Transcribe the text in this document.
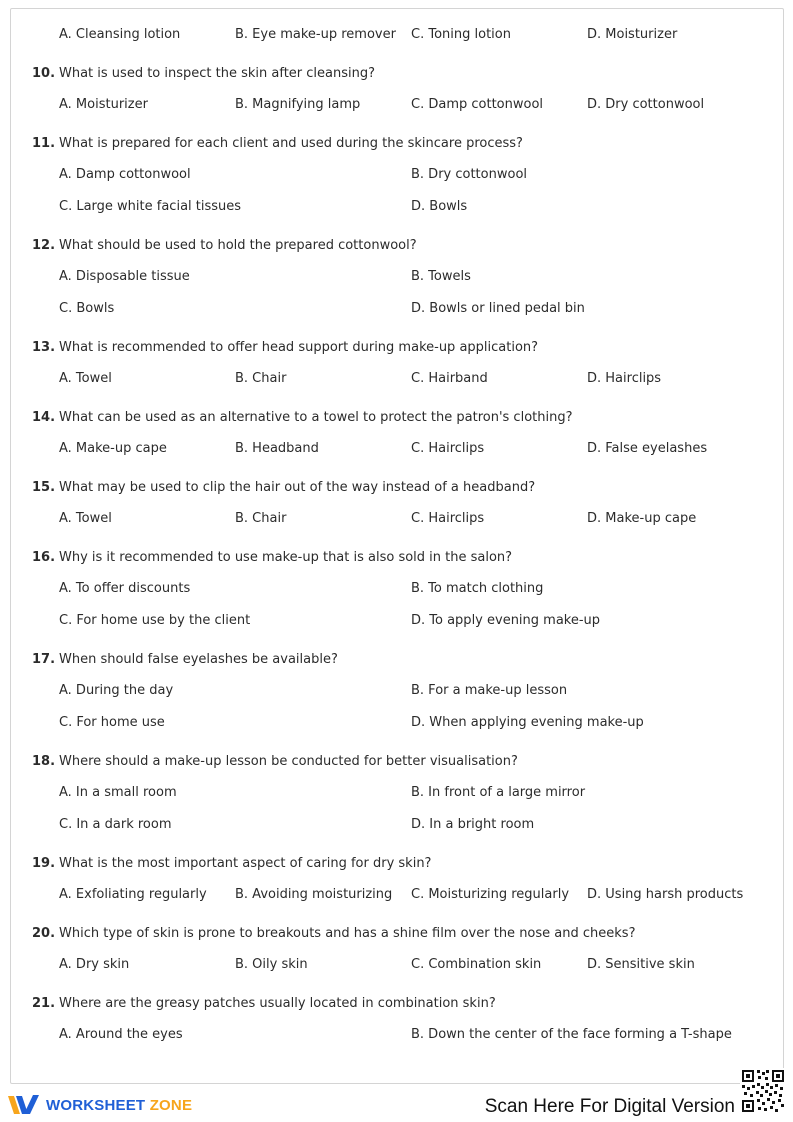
A. Cleansing lotion	B. Eye make-up remover	C. Toning lotion	D. Moisturizer
10. What is used to inspect the skin after cleansing?
A. Moisturizer	B. Magnifying lamp	C. Damp cottonwool	D. Dry cottonwool
11. What is prepared for each client and used during the skincare process?
A. Damp cottonwool	B. Dry cottonwool
C. Large white facial tissues	D. Bowls
12. What should be used to hold the prepared cottonwool?
A. Disposable tissue	B. Towels
C. Bowls	D. Bowls or lined pedal bin
13. What is recommended to offer head support during make-up application?
A. Towel	B. Chair	C. Hairband	D. Hairclips
14. What can be used as an alternative to a towel to protect the patron's clothing?
A. Make-up cape	B. Headband	C. Hairclips	D. False eyelashes
15. What may be used to clip the hair out of the way instead of a headband?
A. Towel	B. Chair	C. Hairclips	D. Make-up cape
16. Why is it recommended to use make-up that is also sold in the salon?
A. To offer discounts	B. To match clothing
C. For home use by the client	D. To apply evening make-up
17. When should false eyelashes be available?
A. During the day	B. For a make-up lesson
C. For home use	D. When applying evening make-up
18. Where should a make-up lesson be conducted for better visualisation?
A. In a small room	B. In front of a large mirror
C. In a dark room	D. In a bright room
19. What is the most important aspect of caring for dry skin?
A. Exfoliating regularly	B. Avoiding moisturizing	C. Moisturizing regularly	D. Using harsh products
20. Which type of skin is prone to breakouts and has a shine film over the nose and cheeks?
A. Dry skin	B. Oily skin	C. Combination skin	D. Sensitive skin
21. Where are the greasy patches usually located in combination skin?
A. Around the eyes	B. Down the center of the face forming a T-shape
WORKSHEET ZONE	Scan Here For Digital Version
